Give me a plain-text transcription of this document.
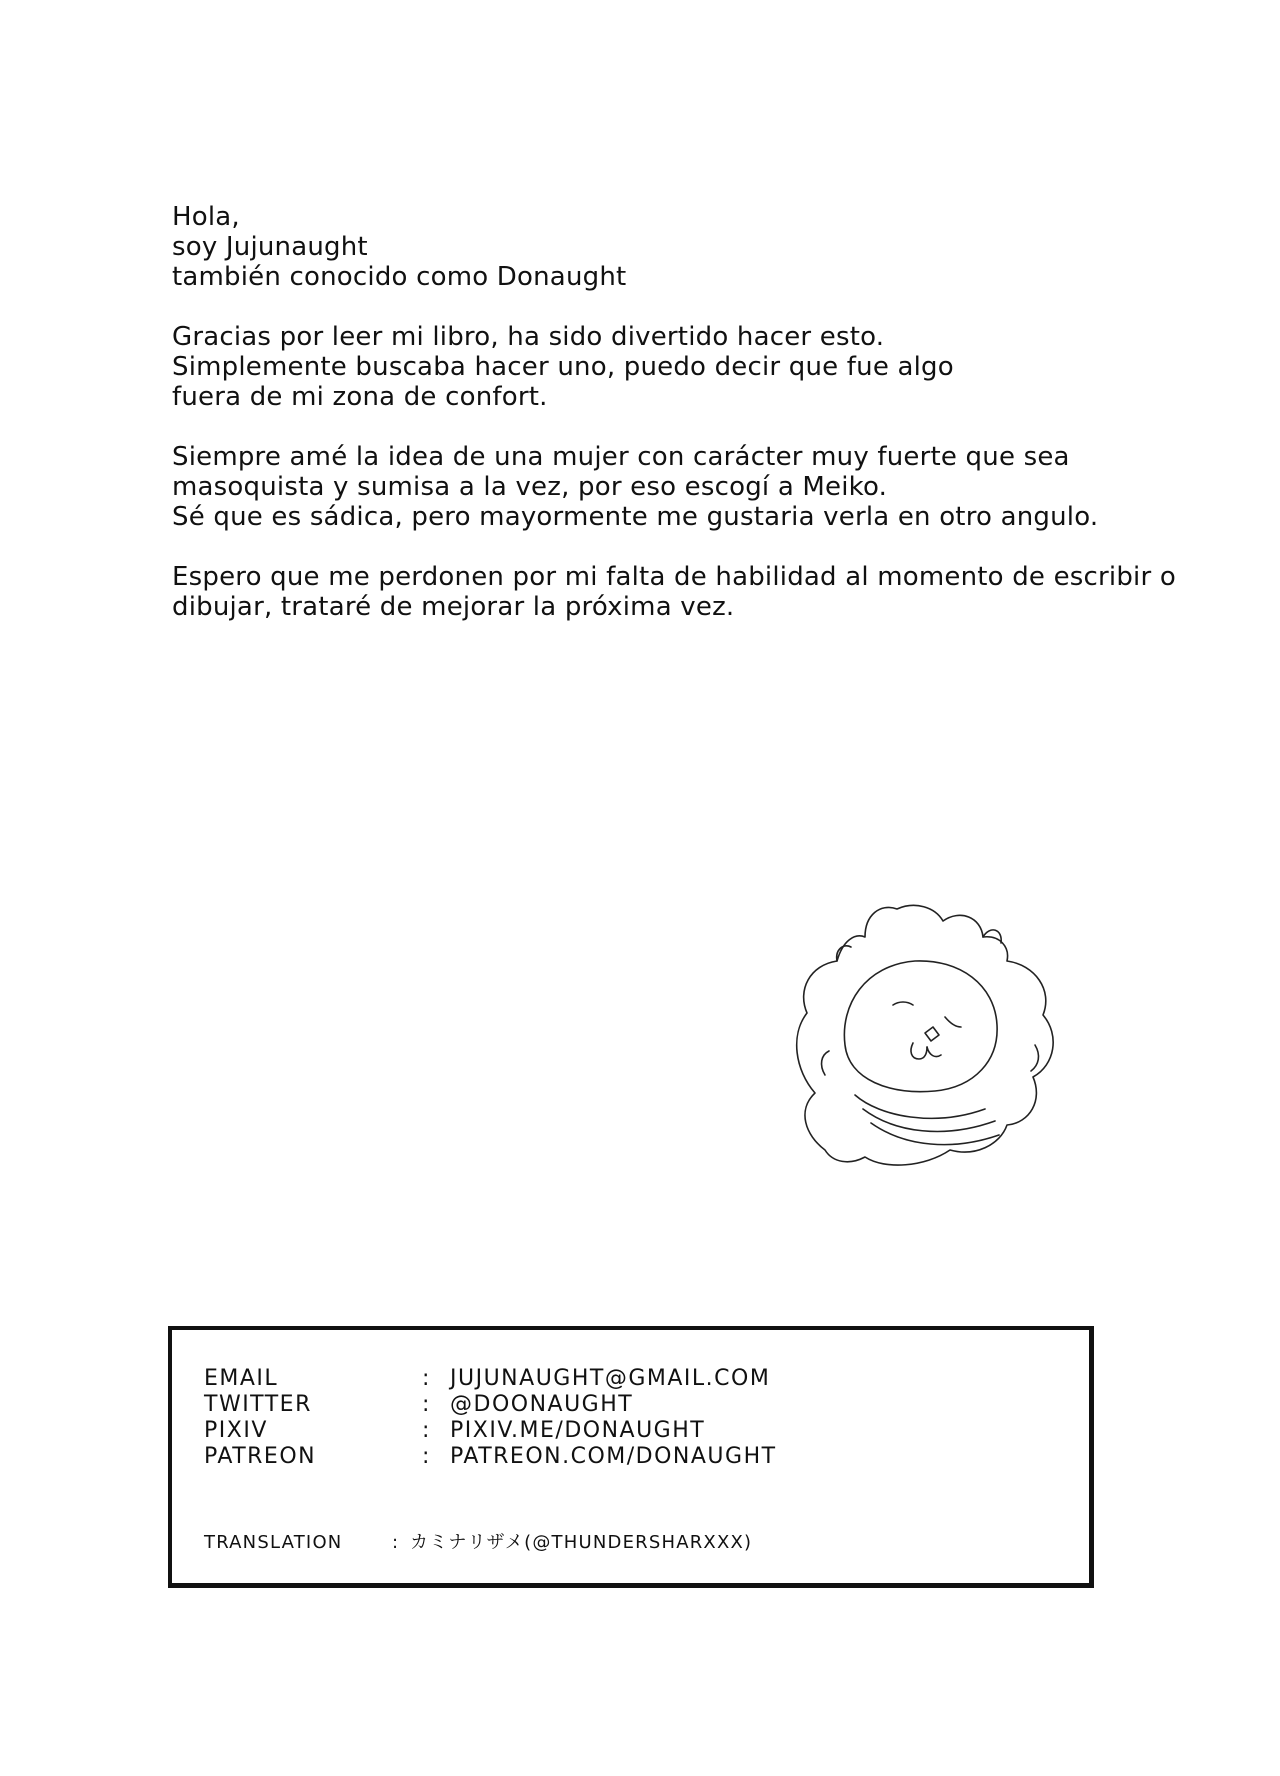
Hola,
soy Jujunaught
también conocido como Donaught

Gracias por leer mi libro, ha sido divertido hacer esto.
Simplemente buscaba hacer uno, puedo decir que fue algo
fuera de mi zona de confort.

Siempre amé la idea de una mujer con carácter muy fuerte que sea
masoquista y sumisa a la vez, por eso escogí a Meiko.
Sé que es sádica, pero mayormente me gustaria verla en otro angulo.

Espero que me perdonen por mi falta de habilidad al momento de escribir o
dibujar, trataré de mejorar la próxima vez.

EMAIL	: JUJUNAUGHT@GMAIL.COM
TWITTER	: @DOONAUGHT
PIXIV	: PIXIV.ME/DONAUGHT
PATREON	: PATREON.COM/DONAUGHT
TRANSLATION	: カミナリザメ(@THUNDERSHARXXX)
